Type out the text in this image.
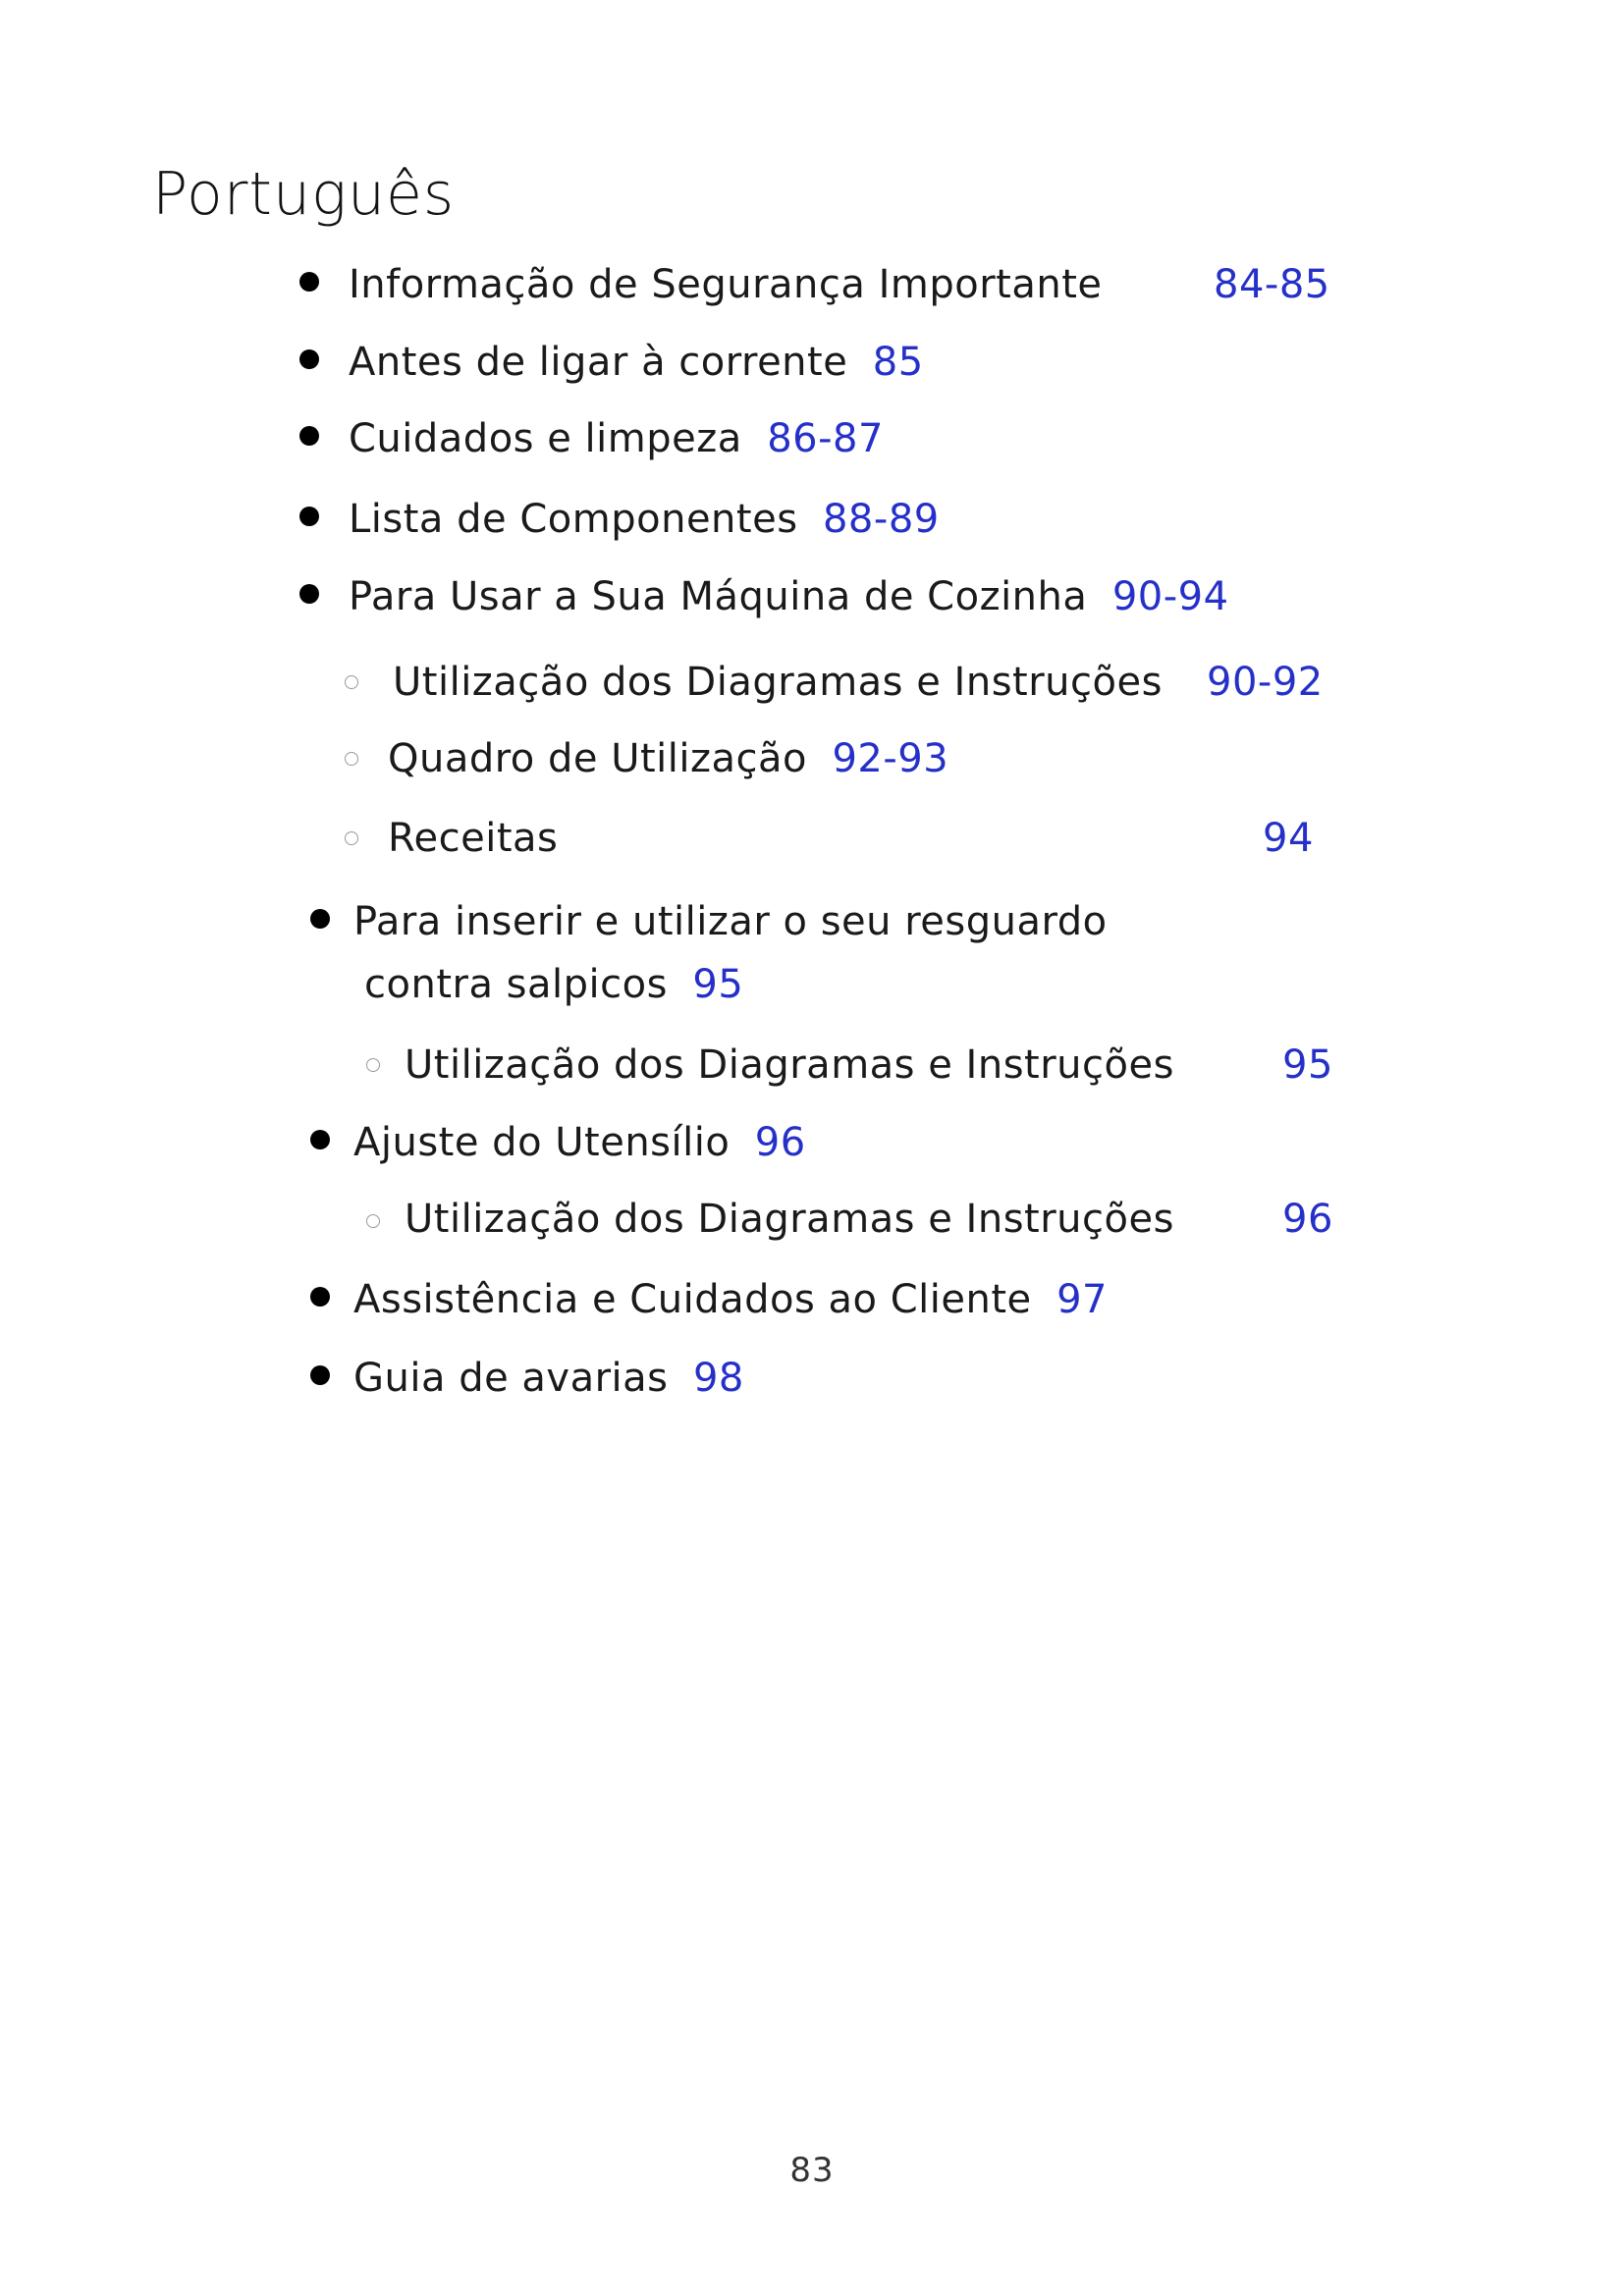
Português
Informação de Segurança Importante	84-85
Antes de ligar à corrente 85
Cuidados e limpeza 86-87
Lista de Componentes 88-89
Para Usar a Sua Máquina de Cozinha 90-94
Utilização dos Diagramas e Instruções 90-92
Quadro de Utilização 92-93
Receitas	94
Para inserir e utilizar o seu resguardo
contra salpicos 95
Utilização dos Diagramas e Instruções	95
Ajuste do Utensílio 96
Utilização dos Diagramas e Instruções	96
Assistência e Cuidados ao Cliente 97
Guia de avarias 98
83
